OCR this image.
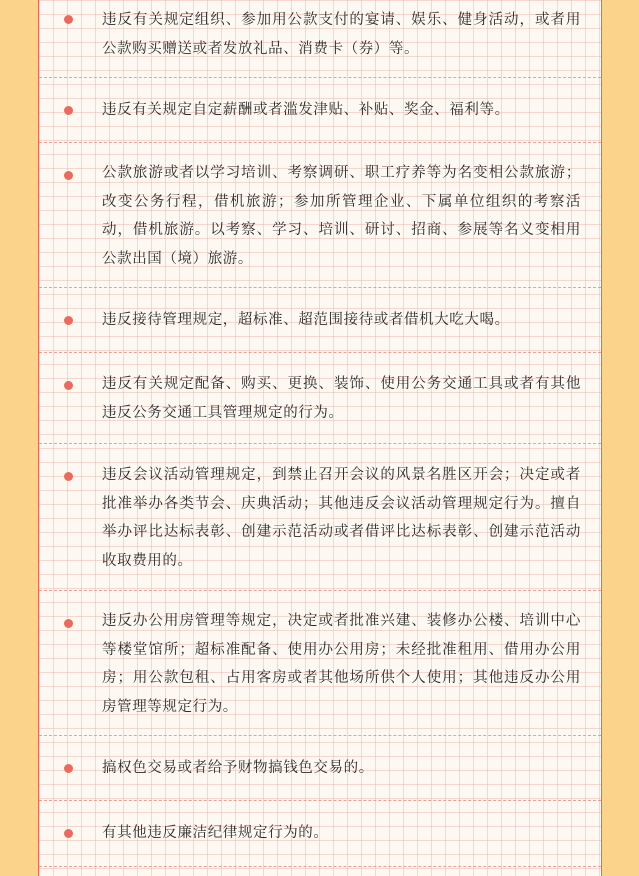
违反有关规定组织、参加用公款支付的宴请、娱乐、健身活动，或者用公款购买赠送或者发放礼品、消费卡（券）等。
违反有关规定自定薪酬或者滥发津贴、补贴、奖金、福利等。
公款旅游或者以学习培训、考察调研、职工疗养等为名变相公款旅游；改变公务行程，借机旅游；参加所管理企业、下属单位组织的考察活动，借机旅游。以考察、学习、培训、研讨、招商、参展等名义变相用公款出国（境）旅游。
违反接待管理规定，超标准、超范围接待或者借机大吃大喝。
违反有关规定配备、购买、更换、装饰、使用公务交通工具或者有其他违反公务交通工具管理规定的行为。
违反会议活动管理规定，到禁止召开会议的风景名胜区开会；决定或者批准举办各类节会、庆典活动；其他违反会议活动管理规定行为。擅自举办评比达标表彰、创建示范活动或者借评比达标表彰、创建示范活动收取费用的。
违反办公用房管理等规定，决定或者批准兴建、装修办公楼、培训中心等楼堂馆所；超标准配备、使用办公用房；未经批准租用、借用办公用房；用公款包租、占用客房或者其他场所供个人使用；其他违反办公用房管理等规定行为。
搞权色交易或者给予财物搞钱色交易的。
有其他违反廉洁纪律规定行为的。
